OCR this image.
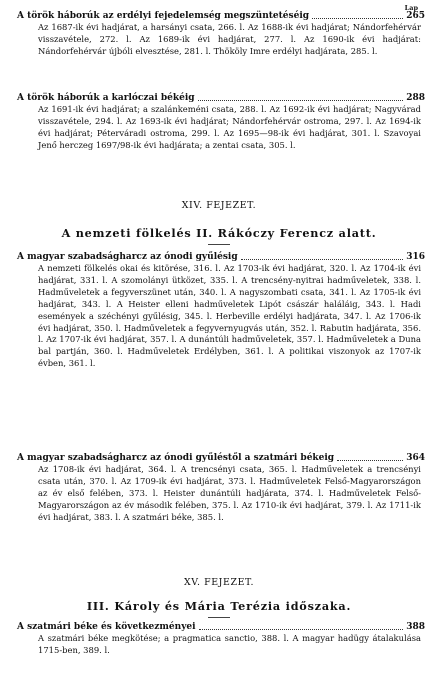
Lap
A török háborúk az erdélyi fejedelemség megszüntetéséig	265
Az 1687-ik évi hadjárat, a harsányi csata, 266. l. Az 1688-ik évi hadjárat; Nándorfehérvár visszavétele, 272. l. Az 1689-ik évi hadjárat, 277. l. Az 1690-ik évi hadjárat: Nándorfehérvár újbóli elvesztése, 281. l. Thököly Imre erdélyi hadjárata, 285. l.
A török háborúk a karlóczai békéig	288
Az 1691-ik évi hadjárat; a szalánkeméni csata, 288. l. Az 1692-ik évi hadjárat; Nagyvárad visszavétele, 294. l. Az 1693-ik évi hadjárat; Nándorfehérvár ostroma, 297. l. Az 1694-ik évi hadjárat; Péterváradi ostroma, 299. l. Az 1695—98-ik évi hadjárat, 301. l. Szavoyai Jenő herczeg 1697/98-ik évi hadjárata; a zentai csata, 305. l.
XIV. FEJEZET.
A nemzeti fölkelés II. Rákóczy Ferencz alatt.
A magyar szabadságharcz az ónodi gyűlésig	316
A nemzeti fölkelés okai és kitörése, 316. l. Az 1703-ik évi hadjárat, 320. l. Az 1704-ik évi hadjárat, 331. l. A szomolányi ütközet, 335. l. A trencsény-nyitrai hadműveletek, 338. l. Hadműveletek a fegyverszünet után, 340. l. A nagyszombati csata, 341. l. Az 1705-ik évi hadjárat, 343. l. A Heister elleni hadműveletek Lipót császár haláláig, 343. l. Hadi események a széchényi gyűlésig, 345. l. Herbeville erdélyi hadjárata, 347. l. Az 1706-ik évi hadjárat, 350. l. Hadműveletek a fegyvernyugvás után, 352. l. Rabutin hadjárata, 356. l. Az 1707-ik évi hadjárat, 357. l. A dunántúli hadműveletek, 357. l. Hadműveletek a Duna bal partján, 360. l. Hadműveletek Erdélyben, 361. l. A politikai viszonyok az 1707-ik évben, 361. l.
A magyar szabadságharcz az ónodi gyűléstől a szatmári békeig	364
Az 1708-ik évi hadjárat, 364. l. A trencsényi csata, 365. l. Hadműveletek a trencsényi csata után, 370. l. Az 1709-ik évi hadjárat, 373. l. Hadműveletek Felső-Magyarországon az év első felében, 373. l. Heister dunántúli hadjárata, 374. l. Hadműveletek Felső-Magyarországon az év második felében, 375. l. Az 1710-ik évi hadjárat, 379. l. Az 1711-ik évi hadjárat, 383. l. A szatmári béke, 385. l.
XV. FEJEZET.
III. Károly és Mária Terézia időszaka.
A szatmári béke és következményei	388
A szatmári béke megkötése; a pragmatica sanctio, 388. l. A magyar hadügy átalakulása 1715-ben, 389. l.
